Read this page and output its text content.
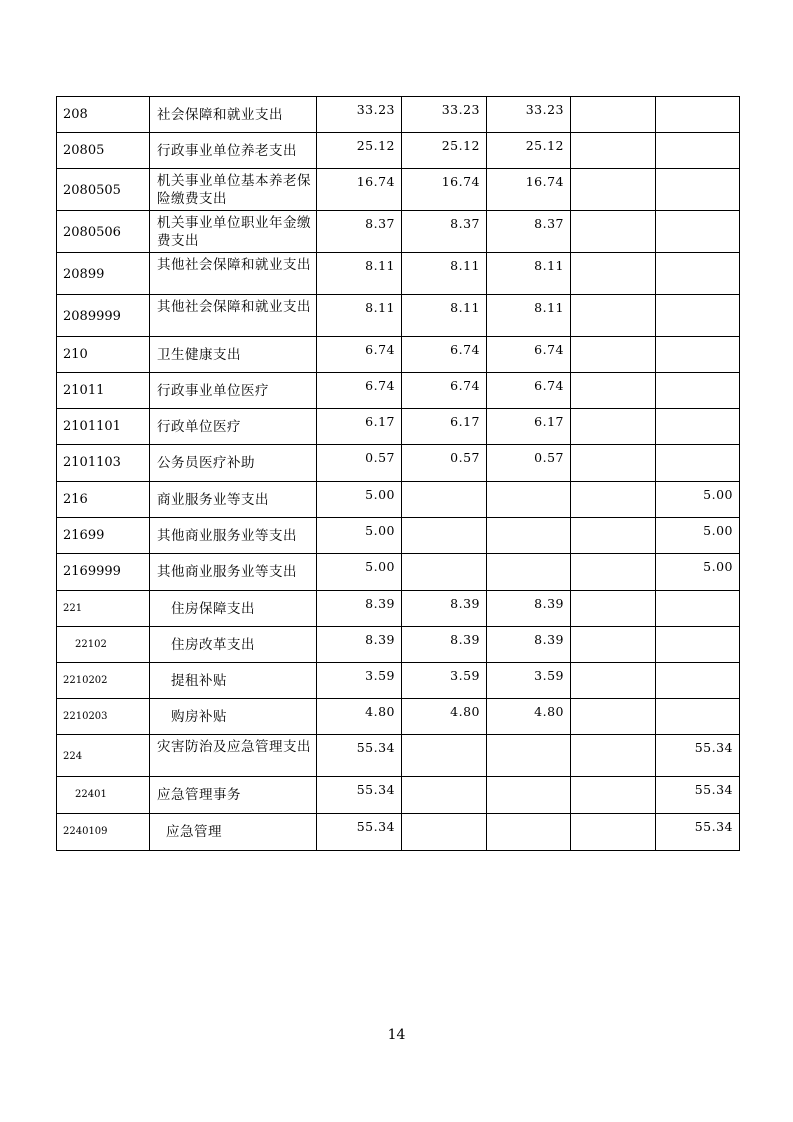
208	社会保障和就业支出	33.23	33.23	33.23		
20805	行政事业单位养老支出	25.12	25.12	25.12		
2080505	机关事业单位基本养老保险缴费支出	16.74	16.74	16.74		
2080506	机关事业单位职业年金缴费支出	8.37	8.37	8.37		
20899	其他社会保障和就业支出	8.11	8.11	8.11		
2089999	其他社会保障和就业支出	8.11	8.11	8.11		
210	卫生健康支出	6.74	6.74	6.74		
21011	行政事业单位医疗	6.74	6.74	6.74		
2101101	行政单位医疗	6.17	6.17	6.17		
2101103	公务员医疗补助	0.57	0.57	0.57		
216	商业服务业等支出	5.00				5.00
21699	其他商业服务业等支出	5.00				5.00
2169999	其他商业服务业等支出	5.00				5.00
221	住房保障支出	8.39	8.39	8.39		
22102	住房改革支出	8.39	8.39	8.39		
2210202	提租补贴	3.59	3.59	3.59		
2210203	购房补贴	4.80	4.80	4.80		
224	灾害防治及应急管理支出	55.34				55.34
22401	应急管理事务	55.34				55.34
2240109	应急管理	55.34				55.34
14
